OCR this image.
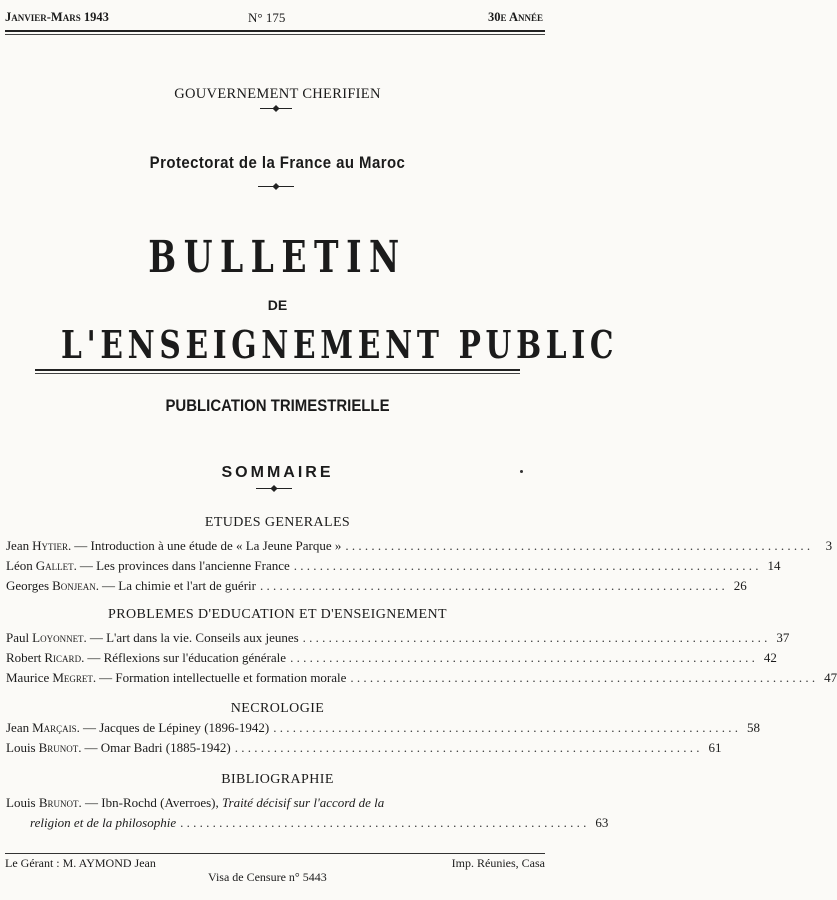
Janvier-Mars 1943	N° 175	30e Année
GOUVERNEMENT CHERIFIEN
Protectorat de la France au Maroc
BULLETIN
DE
L'ENSEIGNEMENT PUBLIC
PUBLICATION TRIMESTRIELLE
SOMMAIRE
ETUDES GENERALES
Jean Hytier. — Introduction à une étude de « La Jeune Parque » . . .	3
Léon Gallet. — Les provinces dans l'ancienne France . . .	14
Georges Bonjean. — La chimie et l'art de guérir . . .	26
PROBLEMES D'EDUCATION ET D'ENSEIGNEMENT
Paul Loyonnet. — L'art dans la vie. Conseils aux jeunes . . .	37
Robert Ricard. — Réflexions sur l'éducation générale . . .	42
Maurice Megret. — Formation intellectuelle et formation morale . . .	47
NECROLOGIE
Jean Marçais. — Jacques de Lépiney (1896-1942) . . .	58
Louis Brunot. — Omar Badri (1885-1942) . . .	61
BIBLIOGRAPHIE
Louis Brunot. — Ibn-Rochd (Averroes), Traité décisif sur l'accord de la
religion et de la philosophie . . .	63
Le Gérant : M. AYMOND Jean	Imp. Réunies, Casa
Visa de Censure n° 5443
